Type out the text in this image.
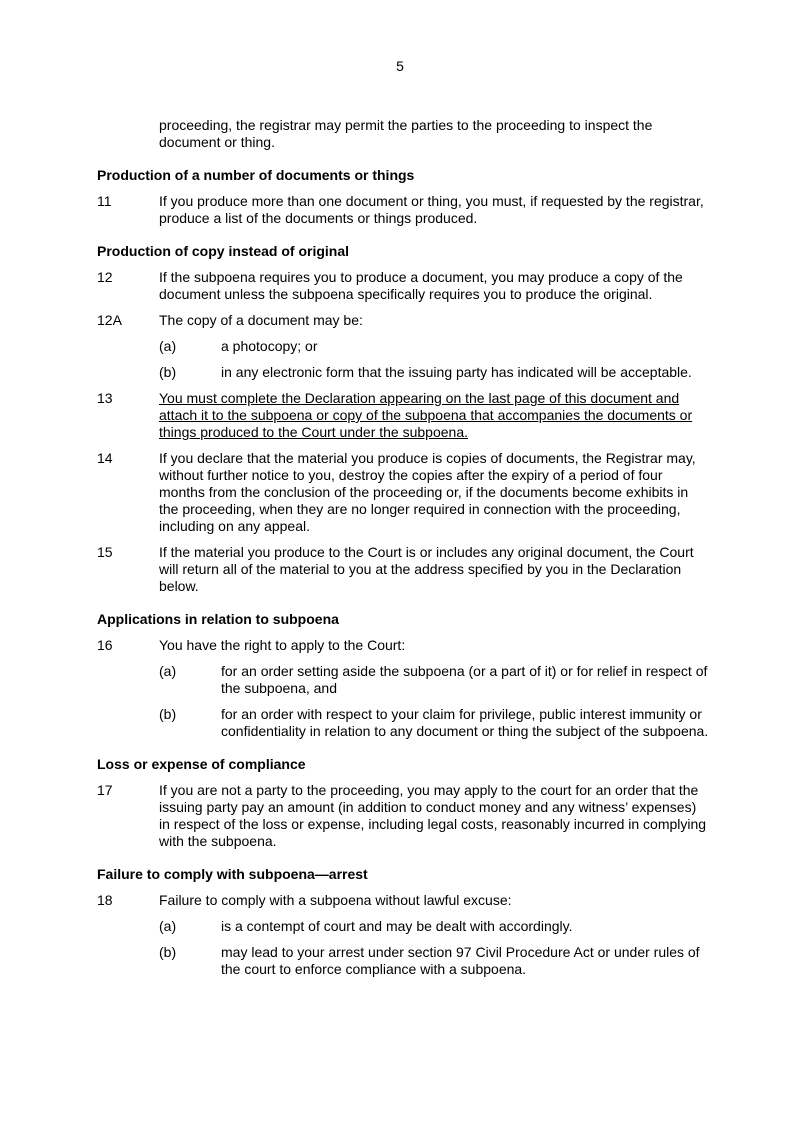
5

proceeding, the registrar may permit the parties to the proceeding to inspect the document or thing.

Production of a number of documents or things
11	If you produce more than one document or thing, you must, if requested by the registrar, produce a list of the documents or things produced.
Production of copy instead of original
12	If the subpoena requires you to produce a document, you may produce a copy of the document unless the subpoena specifically requires you to produce the original.
12A	The copy of a document may be:
(a)	a photocopy; or
(b)	in any electronic form that the issuing party has indicated will be acceptable.
13	You must complete the Declaration appearing on the last page of this document and attach it to the subpoena or copy of the subpoena that accompanies the documents or things produced to the Court under the subpoena.
14	If you declare that the material you produce is copies of documents, the Registrar may, without further notice to you, destroy the copies after the expiry of a period of four months from the conclusion of the proceeding or, if the documents become exhibits in the proceeding, when they are no longer required in connection with the proceeding, including on any appeal.
15	If the material you produce to the Court is or includes any original document, the Court will return all of the material to you at the address specified by you in the Declaration below.
Applications in relation to subpoena
16	You have the right to apply to the Court:
(a)	for an order setting aside the subpoena (or a part of it) or for relief in respect of the subpoena, and
(b)	for an order with respect to your claim for privilege, public interest immunity or confidentiality in relation to any document or thing the subject of the subpoena.
Loss or expense of compliance
17	If you are not a party to the proceeding, you may apply to the court for an order that the issuing party pay an amount (in addition to conduct money and any witness’ expenses) in respect of the loss or expense, including legal costs, reasonably incurred in complying with the subpoena.
Failure to comply with subpoena—arrest
18	Failure to comply with a subpoena without lawful excuse:
(a)	is a contempt of court and may be dealt with accordingly.
(b)	may lead to your arrest under section 97 Civil Procedure Act or under rules of the court to enforce compliance with a subpoena.
